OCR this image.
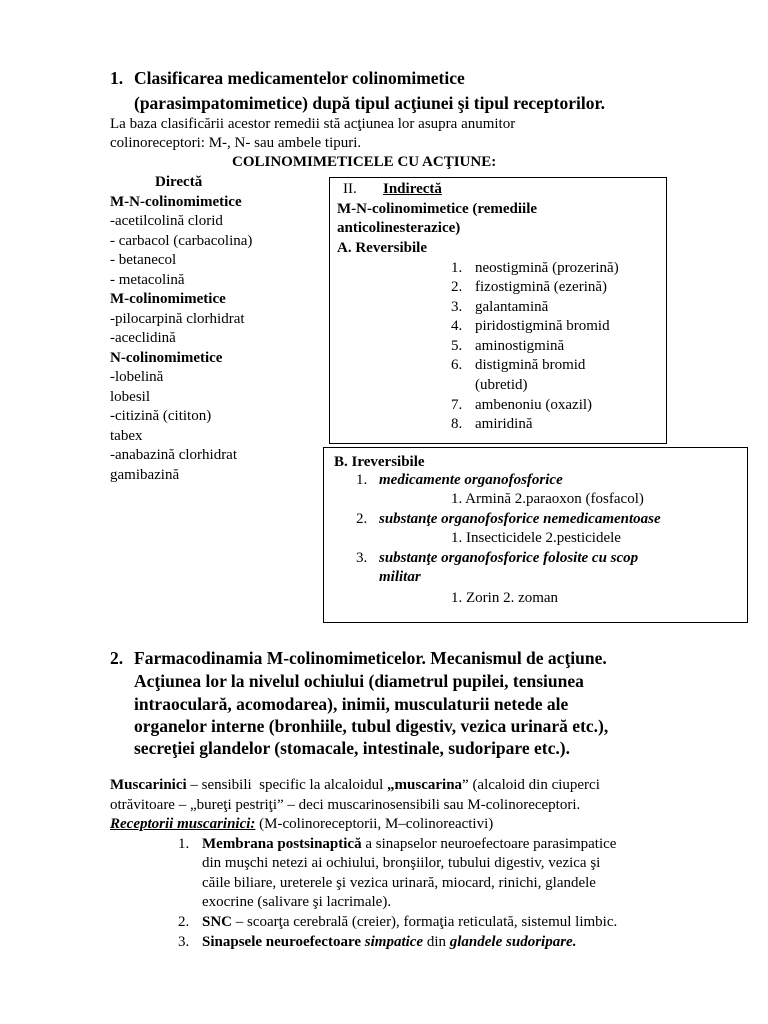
1. Clasificarea medicamentelor colinomimetice
(parasimpatomimetice) după tipul acţiunei şi tipul receptorilor.
La baza clasificării acestor remedii stă acţiunea lor asupra anumitor
colinoreceptori: M-, N- sau ambele tipuri.
COLINOMIMETICELE CU ACŢIUNE:
Directă
M-N-colinomimetice
-acetilcolină clorid
- carbacol (carbacolina)
- betanecol
- metacolină
M-colinomimetice
-pilocarpină clorhidrat
-aceclidină
N-colinomimetice
-lobelină
lobesil
-citizină (cititon)
tabex
-anabazină clorhidrat
gamibazină
II. Indirectă
M-N-colinomimetice (remediile
anticolinesterazice)
A. Reversibile
1. neostigmină (prozerină)
2. fizostigmină (ezerină)
3. galantamină
4. piridostigmină bromid
5. aminostigmină
6. distigmină bromid
(ubretid)
7. ambenoniu (oxazil)
8. amiridină
B. Ireversibile
1. medicamente organofosforice
1. Armină 2.paraoxon (fosfacol)
2. substanţe organofosforice nemedicamentoase
1. Insecticidele 2.pesticidele
3. substanţe organofosforice folosite cu scop
militar
1. Zorin 2. zoman
2. Farmacodinamia M-colinomimeticelor. Mecanismul de acţiune.
Acţiunea lor la nivelul ochiului (diametrul pupilei, tensiunea
intraoculară, acomodarea), inimii, musculaturii netede ale
organelor interne (bronhiile, tubul digestiv, vezica urinară etc.),
secreţiei glandelor (stomacale, intestinale, sudoripare etc.).
Muscarinici – sensibili  specific la alcaloidul „muscarina” (alcaloid din ciuperci
otrăvitoare – „bureţi pestriţi” – deci muscarinosensibili sau M-colinoreceptori.
Receptorii muscarinici: (M-colinoreceptorii, M–colinoreactivi)
1. Membrana postsinaptică a sinapselor neuroefectoare parasimpatice
din muşchi netezi ai ochiului, bronşiilor, tubului digestiv, vezica şi
căile biliare, ureterele şi vezica urinară, miocard, rinichi, glandele
exocrine (salivare şi lacrimale).
2. SNC – scoarţa cerebrală (creier), formaţia reticulată, sistemul limbic.
3. Sinapsele neuroefectoare simpatice din glandele sudoripare.
